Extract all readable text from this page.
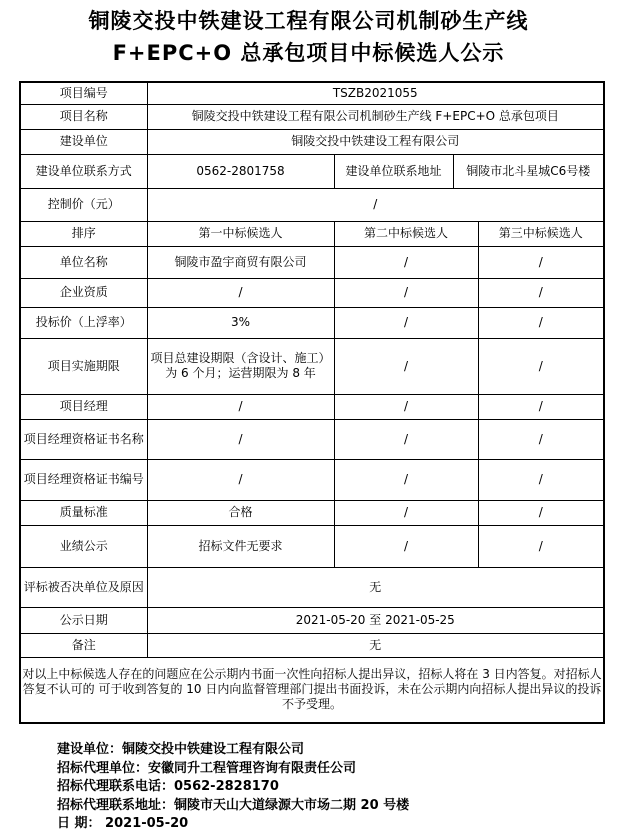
铜陵交投中铁建设工程有限公司机制砂生产线
F+EPC+O 总承包项目中标候选人公示
项目编号	TSZB2021055			
项目名称	铜陵交投中铁建设工程有限公司机制砂生产线 F+EPC+O 总承包项目			
建设单位	铜陵交投中铁建设工程有限公司			
建设单位联系方式	0562-2801758	建设单位联系地址	铜陵市北斗星城C6号楼	
控制价（元）	/			
排序	第一中标候选人	第二中标候选人		第三中标候选人
单位名称	铜陵市盈宇商贸有限公司	/		/
企业资质	/	/		/
投标价（上浮率）	3%	/		/
项目实施期限	项目总建设期限（含设计、施工）为 6 个月；运营期限为 8 年	/		/
项目经理	/	/		/
项目经理资格证书名称	/	/		/
项目经理资格证书编号	/	/		/
质量标准	合格	/		/
业绩公示	招标文件无要求	/		/
评标被否决单位及原因	无			
公示日期	2021-05-20 至 2021-05-25			
备注	无			
对以上中标候选人存在的问题应在公示期内书面一次性向招标人提出异议，招标人将在 3 日内答复。对招标人答复不认可的 可于收到答复的 10 日内向监督管理部门提出书面投诉，未在公示期内向招标人提出异议的投诉不予受理。				
建设单位：铜陵交投中铁建设工程有限公司
招标代理单位：安徽同升工程管理咨询有限责任公司
招标代理联系电话：0562-2828170
招标代理联系地址：铜陵市天山大道绿源大市场二期 20 号楼
日 期： 2021-05-20
